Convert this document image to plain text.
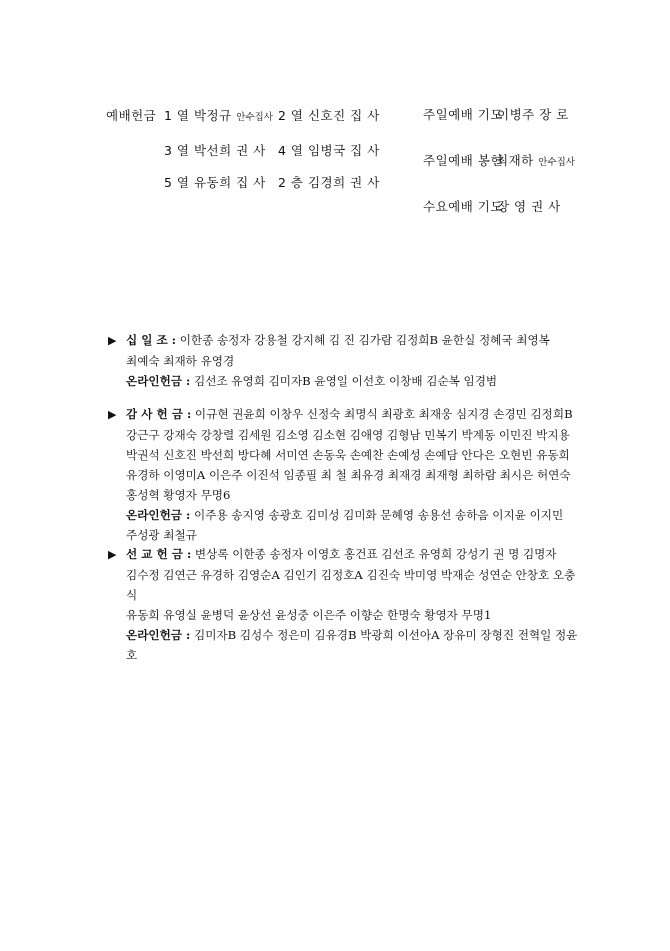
예배헌금 1 열 박정규 안수집사 2 열 신호진 집 사
3 열 박선희 권 사 4 열 임병국 집 사
5 열 유동희 집 사 2 층 김경희 권 사
주일예배 기도
이병주 장 로
주일예배 봉헌
최재하 안수집사
수요예배 기도
장 영 권 사

▶ 십 일 조 : 이한종 송정자 강용철 강지혜 김 진 김가람 김정희B 윤한실 정혜국 최영복

최예숙 최재하 유영경

온라인헌금 : 김선조 유영희 김미자B 윤영일 이선호 이창배 김순복 임경범

▶ 감 사 헌 금 : 이규현 권윤희 이창우 신정숙 최명식 최광호 최재웅 심지경 손경민 김정희B

강근구 강재숙 강창렬 김세원 김소영 김소현 김애영 김형남 민복기 박계동 이민진 박지용

박권석 신호진 박선희 방다혜 서미연 손동욱 손예찬 손예성 손예담 안다은 오현빈 유동희

유경하 이영미A 이은주 이진석 임종필 최 철 최유경 최재경 최재형 최하람 최시은 허연숙

홍성혁 황영자 무명6

온라인헌금 : 이주용 송지영 송광호 김미성 김미화 문혜영 송용선 송하음 이지윤 이지민

주성광 최철규

▶ 선 교 헌 금 : 변상록 이한종 송정자 이영호 홍건표 김선조 유영희 강성기 권 명 김명자

김수정 김연근 유경하 김영순A 김인기 김정호A 김진숙 박미영 박재순 성연순 안창호 오충식

유동희 유영실 윤병덕 윤상선 윤성중 이은주 이향순 한명숙 황영자 무명1

온라인헌금 : 김미자B 김성수 정은미 김유경B 박광희 이선아A 장유미 장형진 전혁일 정윤호
